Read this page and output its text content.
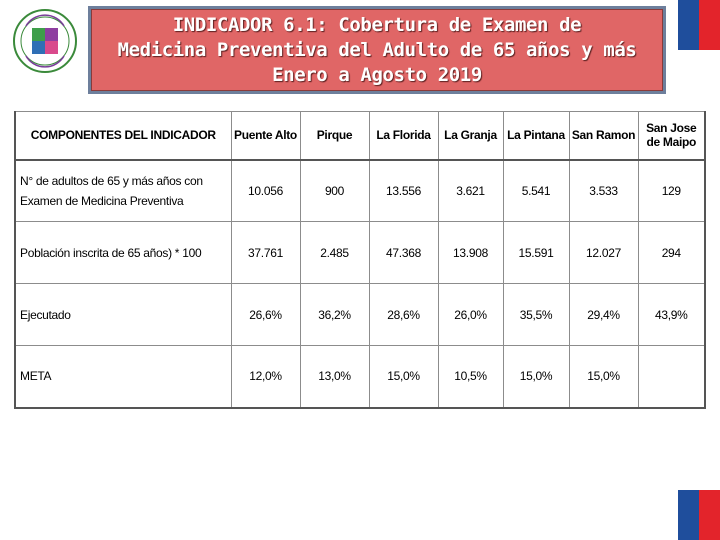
INDICADOR 6.1: Cobertura de Examen de
Medicina Preventiva del Adulto de 65 años y más
Enero a Agosto 2019
COMPONENTES DEL INDICADOR	Puente Alto	Pirque	La Florida	La Granja	La Pintana	San Ramon	San Jose de Maipo
N° de adultos de 65 y más años con Examen de Medicina Preventiva	10.056	900	13.556	3.621	5.541	3.533	129
Población inscrita de 65 años) * 100	37.761	2.485	47.368	13.908	15.591	12.027	294
Ejecutado	26,6%	36,2%	28,6%	26,0%	35,5%	29,4%	43,9%
META	12,0%	13,0%	15,0%	10,5%	15,0%	15,0%	
